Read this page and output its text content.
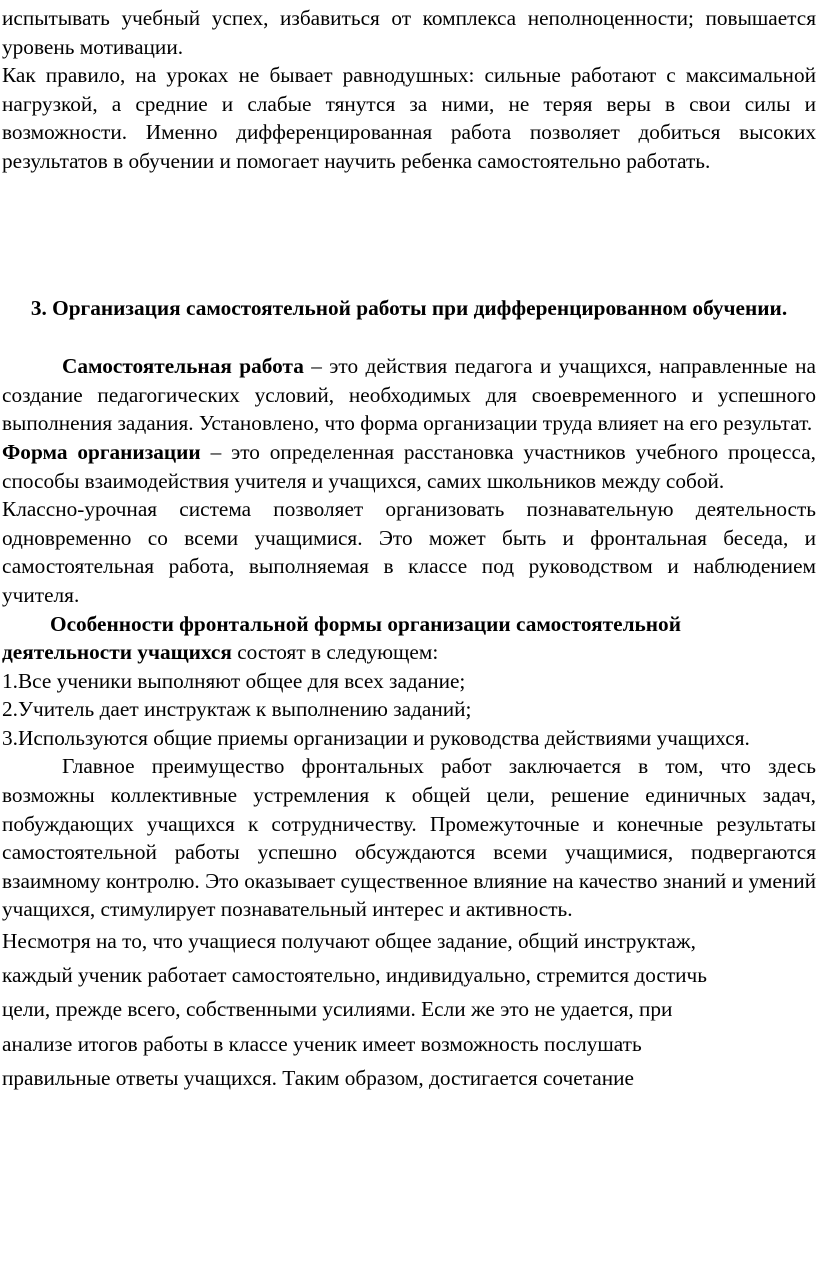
испытывать учебный успех, избавиться от комплекса неполноценности; повышается уровень мотивации.

Как правило, на уроках не бывает равнодушных: сильные работают с максимальной нагрузкой, а средние и слабые тянутся за ними, не теряя веры в свои силы и возможности. Именно дифференцированная работа позволяет добиться высоких результатов в обучении и помогает научить ребенка самостоятельно работать.

3. Организация самостоятельной работы при дифференцированном обучении.

Самостоятельная работа – это действия педагога и учащихся, направленные на создание педагогических условий, необходимых для своевременного и успешного выполнения задания. Установлено, что форма организации труда влияет на его результат.

Форма организации – это определенная расстановка участников учебного процесса, способы взаимодействия учителя и учащихся, самих школьников между собой.

Классно-урочная система позволяет организовать познавательную деятельность одновременно со всеми учащимися. Это может быть и фронтальная беседа, и самостоятельная работа, выполняемая в классе под руководством и наблюдением учителя.

Особенности фронтальной формы организации самостоятельной деятельности учащихся состоят в следующем:

1.Все ученики выполняют общее для всех задание;

2.Учитель дает инструктаж к выполнению заданий;

3.Используются общие приемы организации и руководства действиями учащихся.

Главное преимущество фронтальных работ заключается в том, что здесь возможны коллективные устремления к общей цели, решение единичных задач, побуждающих учащихся к сотрудничеству. Промежуточные и конечные результаты самостоятельной работы успешно обсуждаются всеми учащимися, подвергаются взаимному контролю. Это оказывает существенное влияние на качество знаний и умений учащихся, стимулирует познавательный интерес и активность.

Несмотря на то, что учащиеся получают общее задание, общий инструктаж,

каждый ученик работает самостоятельно, индивидуально, стремится достичь

цели, прежде всего, собственными усилиями. Если же это не удается, при

анализе итогов работы в классе ученик имеет возможность послушать

правильные ответы учащихся. Таким образом, достигается сочетание
